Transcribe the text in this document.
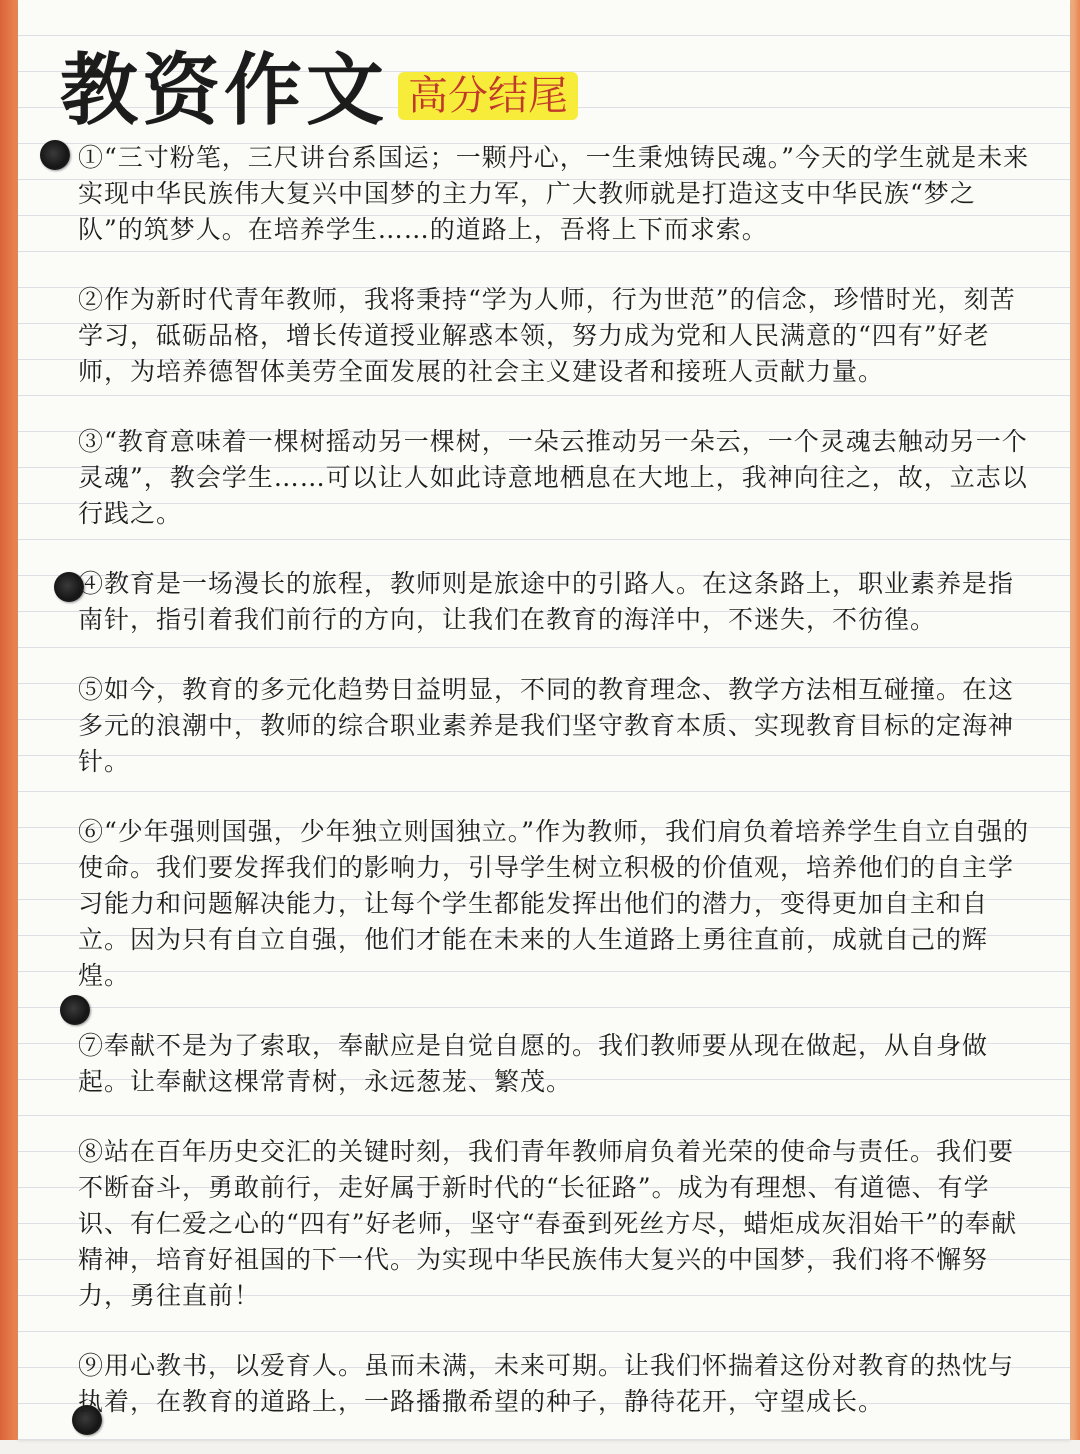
教资作文 高分结尾

①“三寸粉笔，三尺讲台系国运；一颗丹心，一生秉烛铸民魂。”今天的学生就是未来实现中华民族伟大复兴中国梦的主力军，广大教师就是打造这支中华民族“梦之队”的筑梦人。在培养学生……的道路上，吾将上下而求索。

②作为新时代青年教师，我将秉持“学为人师，行为世范”的信念，珍惜时光，刻苦学习，砥砺品格，增长传道授业解惑本领，努力成为党和人民满意的“四有”好老师，为培养德智体美劳全面发展的社会主义建设者和接班人贡献力量。

③“教育意味着一棵树摇动另一棵树，一朵云推动另一朵云，一个灵魂去触动另一个灵魂”，教会学生……可以让人如此诗意地栖息在大地上，我神向往之，故，立志以行践之。

④教育是一场漫长的旅程，教师则是旅途中的引路人。在这条路上，职业素养是指南针，指引着我们前行的方向，让我们在教育的海洋中，不迷失，不彷徨。

⑤如今，教育的多元化趋势日益明显，不同的教育理念、教学方法相互碰撞。在这多元的浪潮中，教师的综合职业素养是我们坚守教育本质、实现教育目标的定海神针。

⑥“少年强则国强，少年独立则国独立。”作为教师，我们肩负着培养学生自立自强的使命。我们要发挥我们的影响力，引导学生树立积极的价值观，培养他们的自主学习能力和问题解决能力，让每个学生都能发挥出他们的潜力，变得更加自主和自立。因为只有自立自强，他们才能在未来的人生道路上勇往直前，成就自己的辉煌。

⑦奉献不是为了索取，奉献应是自觉自愿的。我们教师要从现在做起，从自身做起。让奉献这棵常青树，永远葱茏、繁茂。

⑧站在百年历史交汇的关键时刻，我们青年教师肩负着光荣的使命与责任。我们要不断奋斗，勇敢前行，走好属于新时代的“长征路”。成为有理想、有道德、有学识、有仁爱之心的“四有”好老师，坚守“春蚕到死丝方尽，蜡炬成灰泪始干”的奉献精神，培育好祖国的下一代。为实现中华民族伟大复兴的中国梦，我们将不懈努力，勇往直前！

⑨用心教书，以爱育人。虽而未满，未来可期。让我们怀揣着这份对教育的热忱与执着，在教育的道路上，一路播撒希望的种子，静待花开，守望成长。
